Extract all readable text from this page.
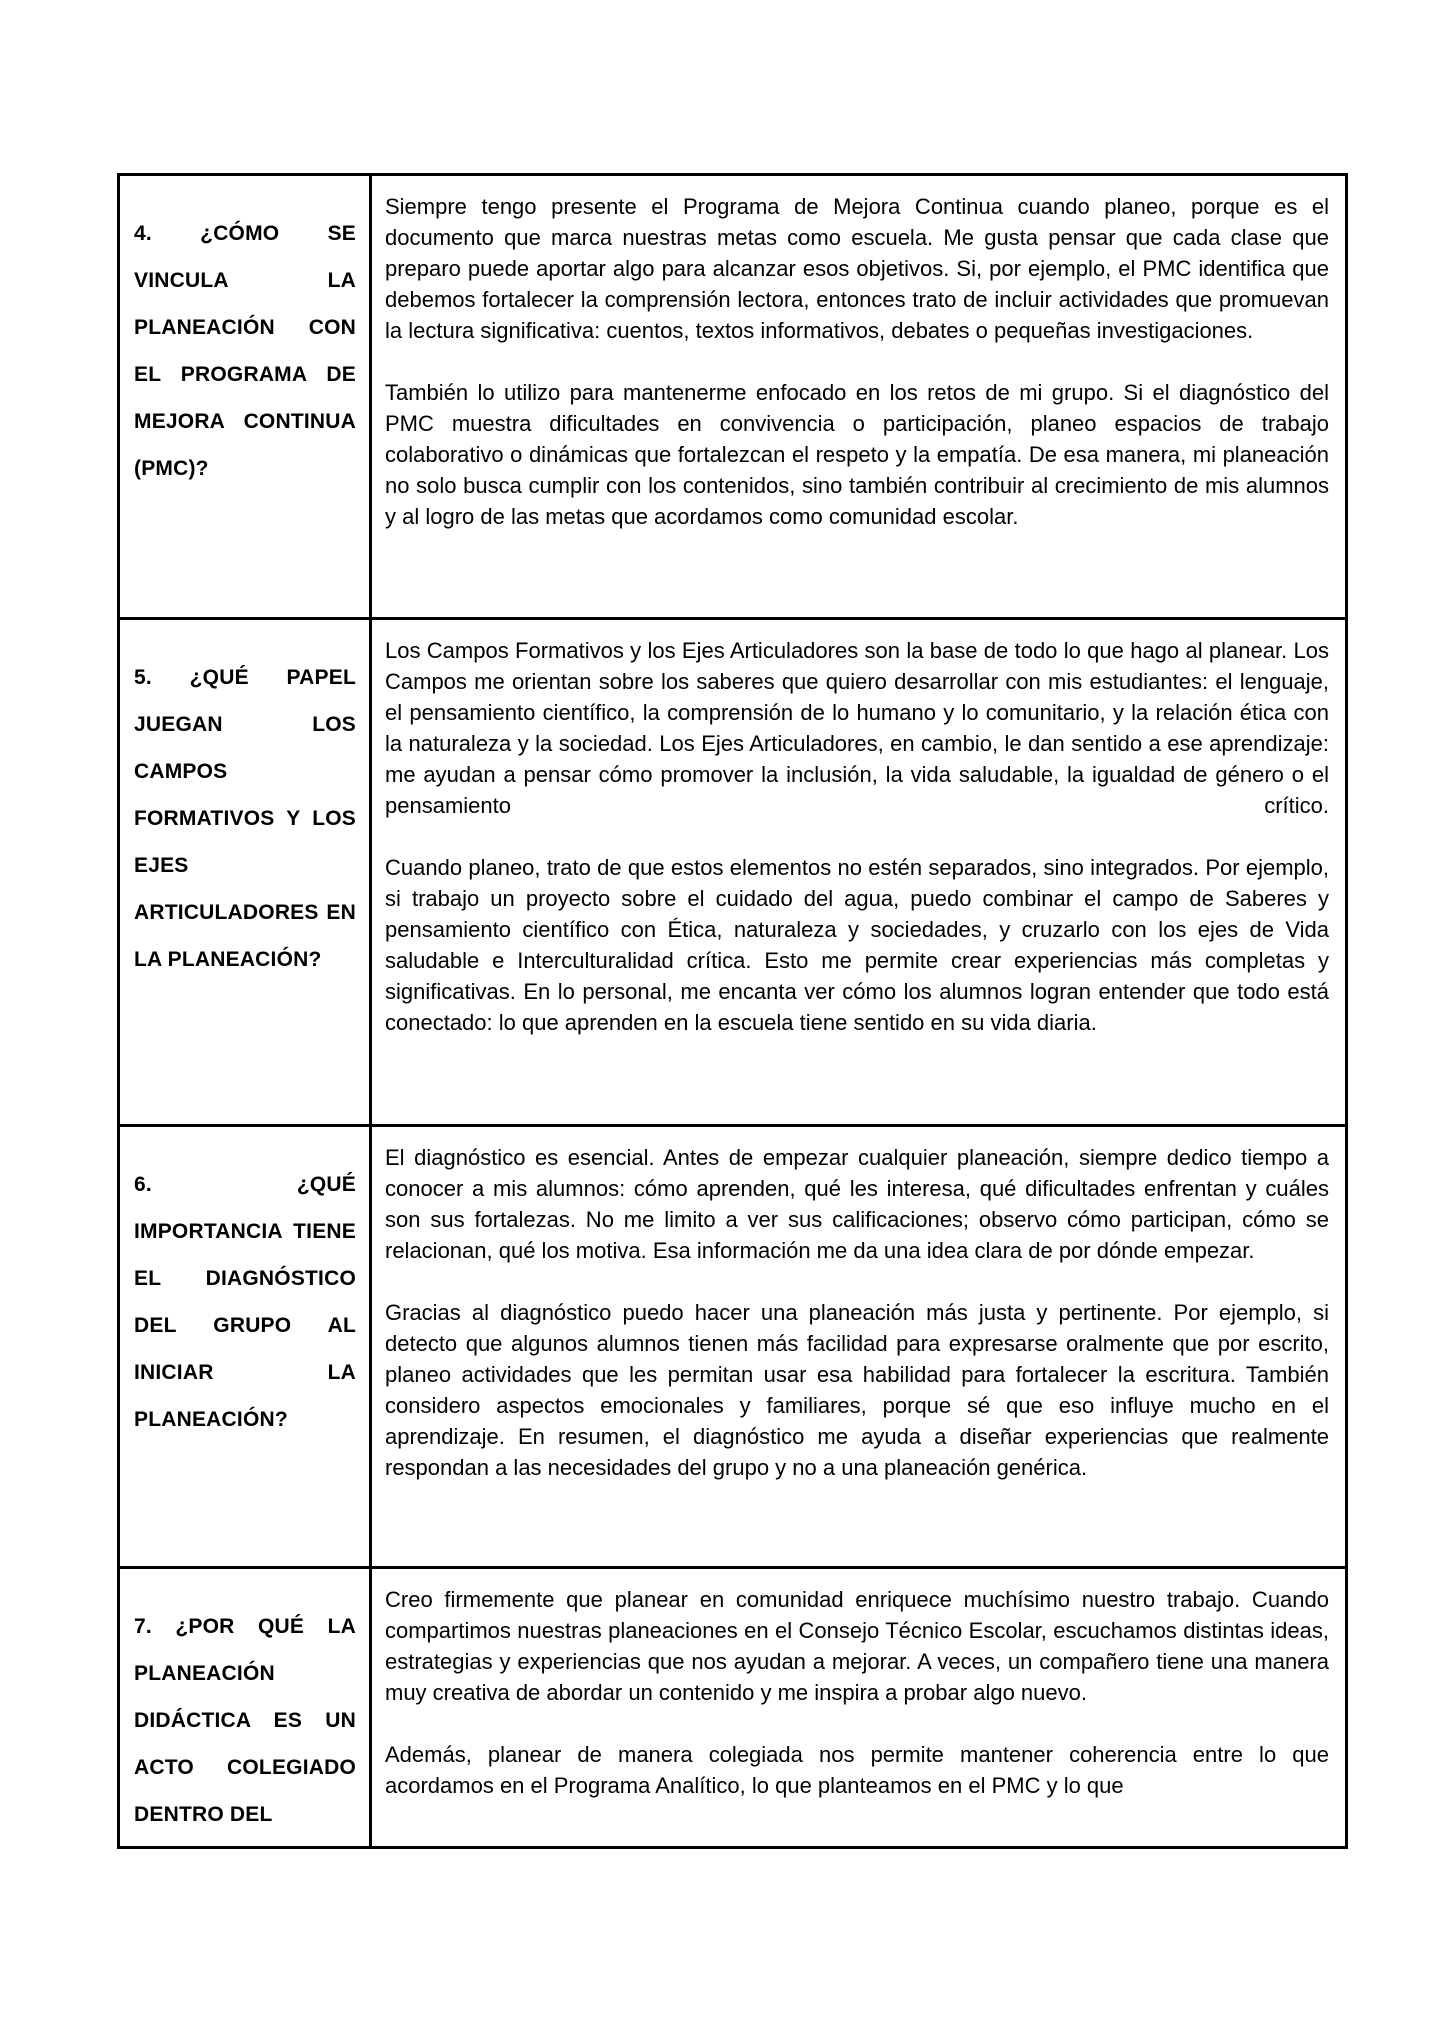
4. ¿CÓMO SE VINCULA LA PLANEACIÓN CON EL PROGRAMA DE MEJORA CONTINUA (PMC)?

Siempre tengo presente el Programa de Mejora Continua cuando planeo, porque es el documento que marca nuestras metas como escuela. Me gusta pensar que cada clase que preparo puede aportar algo para alcanzar esos objetivos. Si, por ejemplo, el PMC identifica que debemos fortalecer la comprensión lectora, entonces trato de incluir actividades que promuevan la lectura significativa: cuentos, textos informativos, debates o pequeñas investigaciones.

También lo utilizo para mantenerme enfocado en los retos de mi grupo. Si el diagnóstico del PMC muestra dificultades en convivencia o participación, planeo espacios de trabajo colaborativo o dinámicas que fortalezcan el respeto y la empatía. De esa manera, mi planeación no solo busca cumplir con los contenidos, sino también contribuir al crecimiento de mis alumnos y al logro de las metas que acordamos como comunidad escolar.

5. ¿QUÉ PAPEL JUEGAN LOS CAMPOS FORMATIVOS Y LOS EJES ARTICULADORES EN LA PLANEACIÓN?

Los Campos Formativos y los Ejes Articuladores son la base de todo lo que hago al planear. Los Campos me orientan sobre los saberes que quiero desarrollar con mis estudiantes: el lenguaje, el pensamiento científico, la comprensión de lo humano y lo comunitario, y la relación ética con la naturaleza y la sociedad. Los Ejes Articuladores, en cambio, le dan sentido a ese aprendizaje: me ayudan a pensar cómo promover la inclusión, la vida saludable, la igualdad de género o el pensamiento crítico.

Cuando planeo, trato de que estos elementos no estén separados, sino integrados. Por ejemplo, si trabajo un proyecto sobre el cuidado del agua, puedo combinar el campo de Saberes y pensamiento científico con Ética, naturaleza y sociedades, y cruzarlo con los ejes de Vida saludable e Interculturalidad crítica. Esto me permite crear experiencias más completas y significativas. En lo personal, me encanta ver cómo los alumnos logran entender que todo está conectado: lo que aprenden en la escuela tiene sentido en su vida diaria.

6. ¿QUÉ IMPORTANCIA TIENE EL DIAGNÓSTICO DEL GRUPO AL INICIAR LA PLANEACIÓN?

El diagnóstico es esencial. Antes de empezar cualquier planeación, siempre dedico tiempo a conocer a mis alumnos: cómo aprenden, qué les interesa, qué dificultades enfrentan y cuáles son sus fortalezas. No me limito a ver sus calificaciones; observo cómo participan, cómo se relacionan, qué los motiva. Esa información me da una idea clara de por dónde empezar.

Gracias al diagnóstico puedo hacer una planeación más justa y pertinente. Por ejemplo, si detecto que algunos alumnos tienen más facilidad para expresarse oralmente que por escrito, planeo actividades que les permitan usar esa habilidad para fortalecer la escritura. También considero aspectos emocionales y familiares, porque sé que eso influye mucho en el aprendizaje. En resumen, el diagnóstico me ayuda a diseñar experiencias que realmente respondan a las necesidades del grupo y no a una planeación genérica.

7. ¿POR QUÉ LA PLANEACIÓN DIDÁCTICA ES UN ACTO COLEGIADO DENTRO DEL

Creo firmemente que planear en comunidad enriquece muchísimo nuestro trabajo. Cuando compartimos nuestras planeaciones en el Consejo Técnico Escolar, escuchamos distintas ideas, estrategias y experiencias que nos ayudan a mejorar. A veces, un compañero tiene una manera muy creativa de abordar un contenido y me inspira a probar algo nuevo.

Además, planear de manera colegiada nos permite mantener coherencia entre lo que acordamos en el Programa Analítico, lo que planteamos en el PMC y lo que
